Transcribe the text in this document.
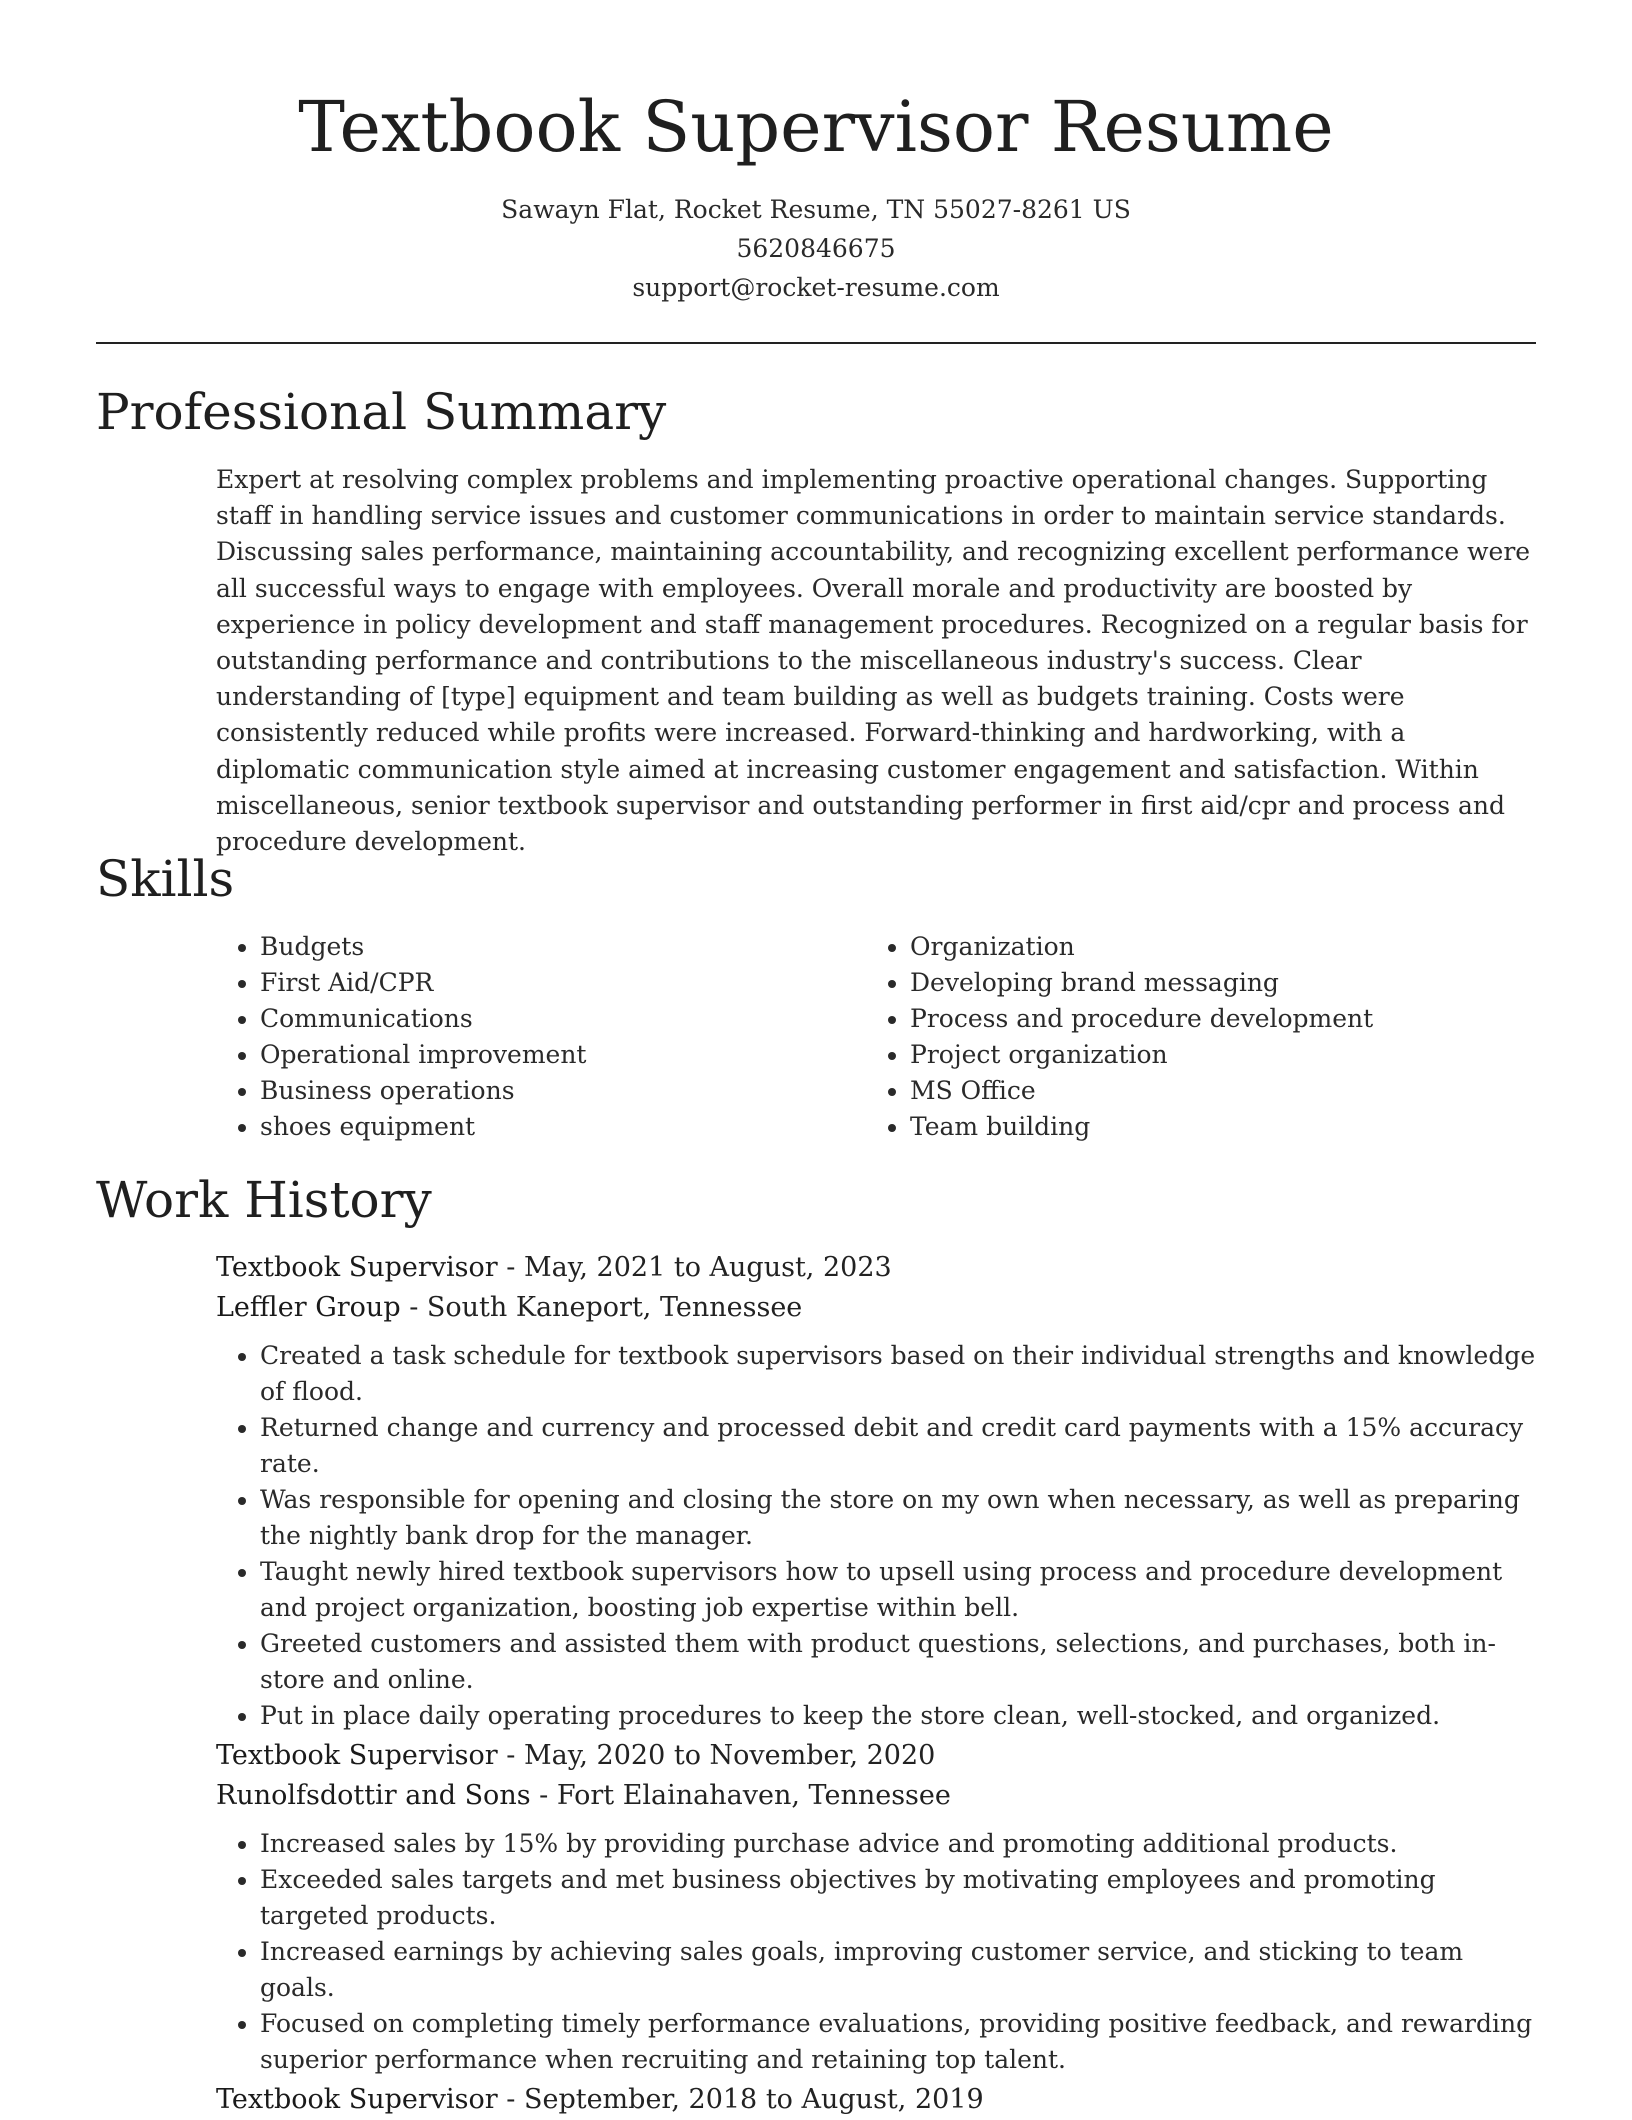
Textbook Supervisor Resume

Sawayn Flat, Rocket Resume, TN 55027-8261 US

5620846675

support@rocket-resume.com

Professional Summary

Expert at resolving complex problems and implementing proactive operational changes. Supporting staff in handling service issues and customer communications in order to maintain service standards. Discussing sales performance, maintaining accountability, and recognizing excellent performance were all successful ways to engage with employees. Overall morale and productivity are boosted by experience in policy development and staff management procedures. Recognized on a regular basis for outstanding performance and contributions to the miscellaneous industry's success. Clear understanding of [type] equipment and team building as well as budgets training. Costs were consistently reduced while profits were increased. Forward-thinking and hardworking, with a diplomatic communication style aimed at increasing customer engagement and satisfaction. Within miscellaneous, senior textbook supervisor and outstanding performer in first aid/cpr and process and procedure development.

Skills
• Budgets
• First Aid/CPR
• Communications
• Operational improvement
• Business operations
• shoes equipment
• Organization
• Developing brand messaging
• Process and procedure development
• Project organization
• MS Office
• Team building
Work History

Textbook Supervisor - May, 2021 to August, 2023

Leffler Group - South Kaneport, Tennessee

• Created a task schedule for textbook supervisors based on their individual strengths and knowledge of flood.
• Returned change and currency and processed debit and credit card payments with a 15% accuracy rate.
• Was responsible for opening and closing the store on my own when necessary, as well as preparing the nightly bank drop for the manager.
• Taught newly hired textbook supervisors how to upsell using process and procedure development and project organization, boosting job expertise within bell.
• Greeted customers and assisted them with product questions, selections, and purchases, both in-store and online.
• Put in place daily operating procedures to keep the store clean, well-stocked, and organized.

Textbook Supervisor - May, 2020 to November, 2020

Runolfsdottir and Sons - Fort Elainahaven, Tennessee

• Increased sales by 15% by providing purchase advice and promoting additional products.
• Exceeded sales targets and met business objectives by motivating employees and promoting targeted products.
• Increased earnings by achieving sales goals, improving customer service, and sticking to team goals.
• Focused on completing timely performance evaluations, providing positive feedback, and rewarding superior performance when recruiting and retaining top talent.

Textbook Supervisor - September, 2018 to August, 2019
